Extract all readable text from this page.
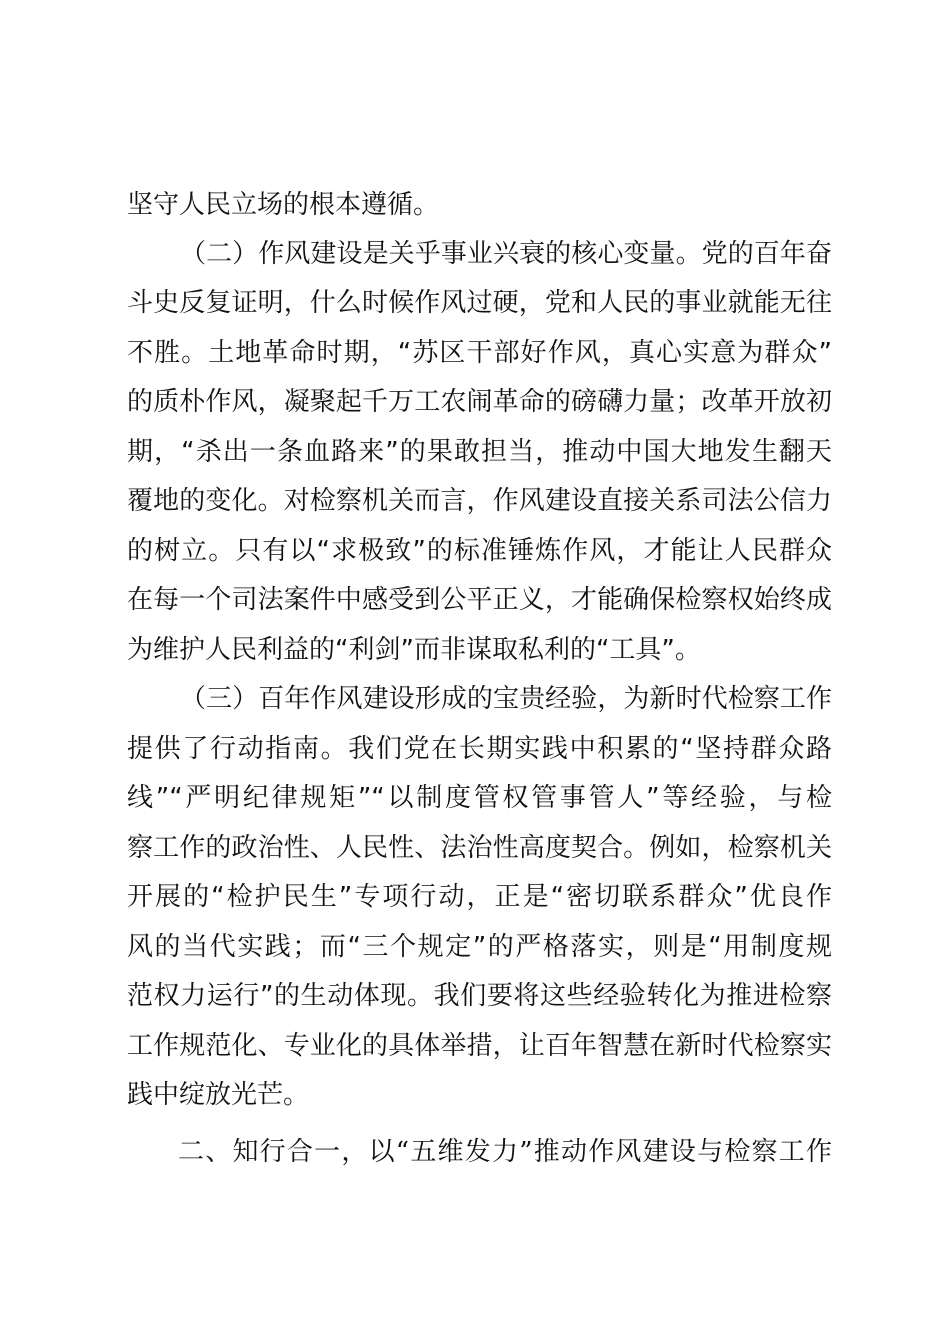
坚守人民立场的根本遵循。
（二）作风建设是关乎事业兴衰的核心变量。党的百年奋
斗史反复证明，什么时候作风过硬，党和人民的事业就能无往
不胜。土地革命时期，“苏区干部好作风，真心实意为群众”
的质朴作风，凝聚起千万工农闹革命的磅礴力量；改革开放初
期，“杀出一条血路来”的果敢担当，推动中国大地发生翻天
覆地的变化。对检察机关而言，作风建设直接关系司法公信力
的树立。只有以“求极致”的标准锤炼作风，才能让人民群众
在每一个司法案件中感受到公平正义，才能确保检察权始终成
为维护人民利益的“利剑”而非谋取私利的“工具”。
（三）百年作风建设形成的宝贵经验，为新时代检察工作
提供了行动指南。我们党在长期实践中积累的“坚持群众路
线”“严明纪律规矩”“以制度管权管事管人”等经验，与检
察工作的政治性、人民性、法治性高度契合。例如，检察机关
开展的“检护民生”专项行动，正是“密切联系群众”优良作
风的当代实践；而“三个规定”的严格落实，则是“用制度规
范权力运行”的生动体现。我们要将这些经验转化为推进检察
工作规范化、专业化的具体举措，让百年智慧在新时代检察实
践中绽放光芒。
二、知行合一，以“五维发力”推动作风建设与检察工作
